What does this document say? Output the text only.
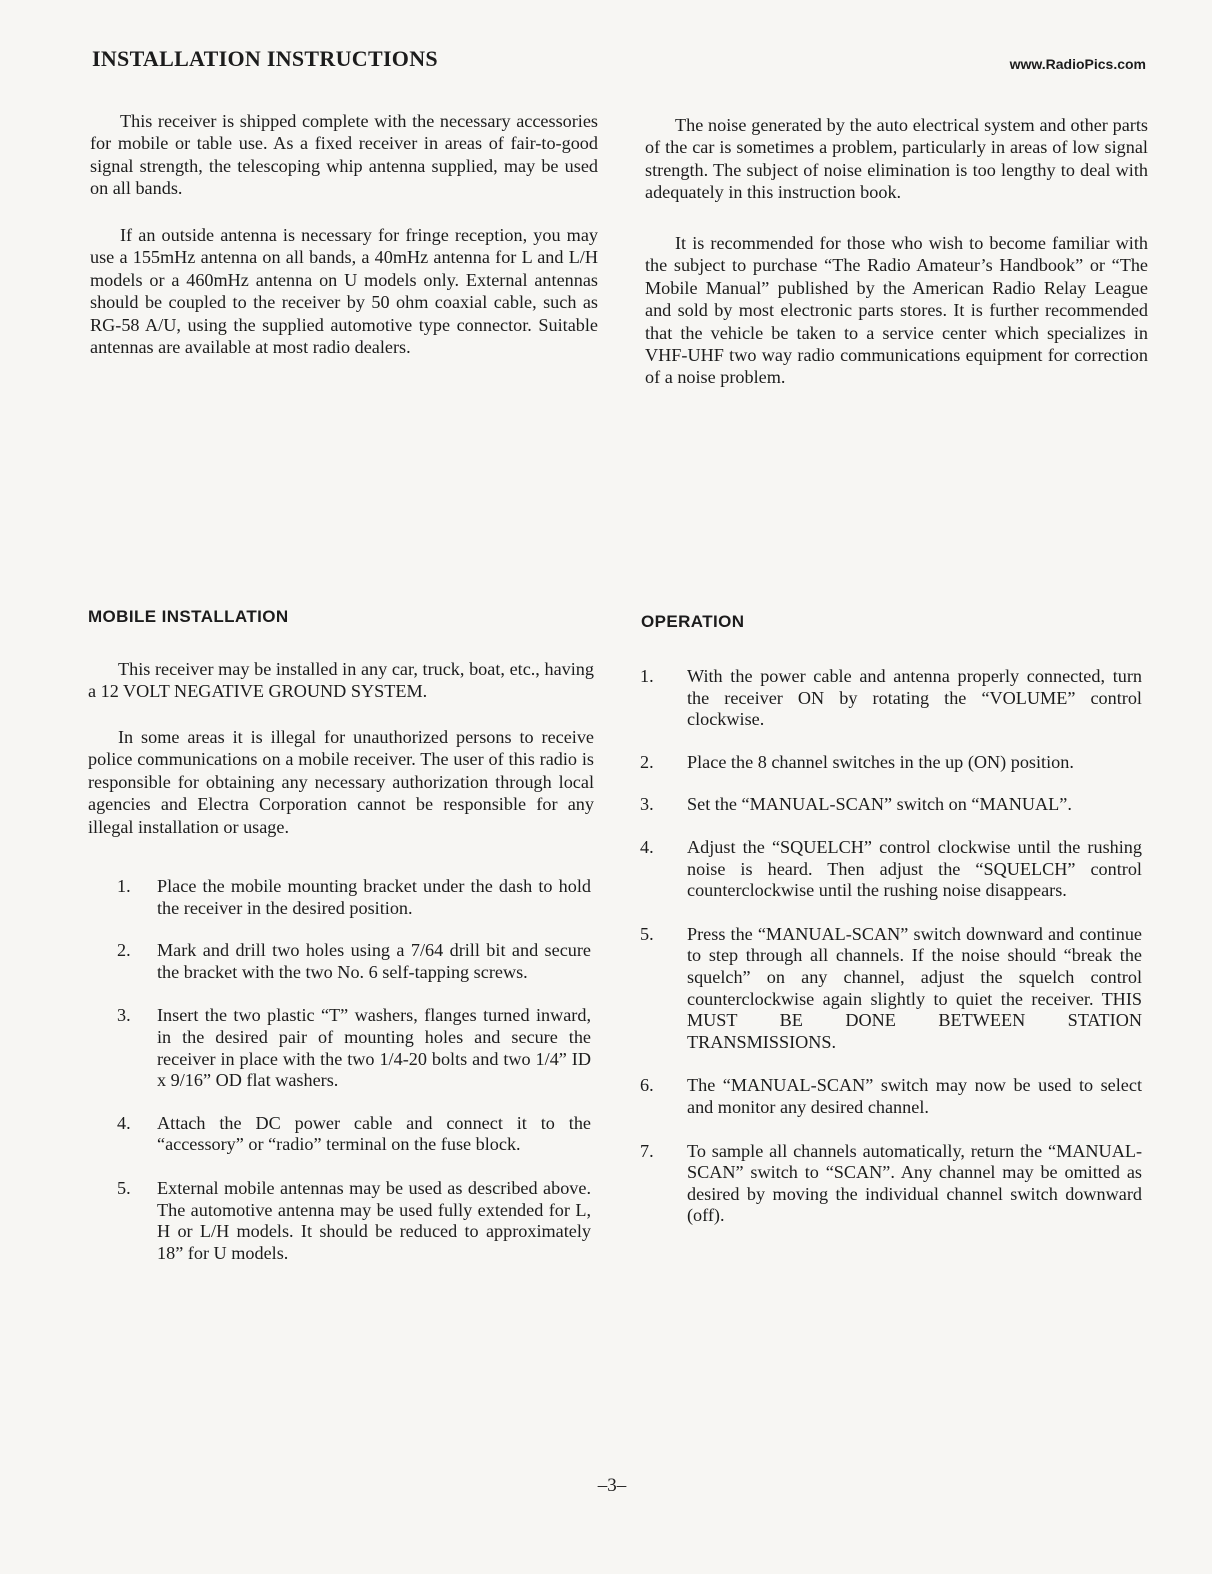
INSTALLATION INSTRUCTIONS	www.RadioPics.com

This receiver is shipped complete with the necessary accessories for mobile or table use. As a fixed receiver in areas of fair-to-good signal strength, the telescoping whip antenna supplied, may be used on all bands.

If an outside antenna is necessary for fringe reception, you may use a 155mHz antenna on all bands, a 40mHz antenna for L and L/H models or a 460mHz antenna on U models only. External antennas should be coupled to the receiver by 50 ohm coaxial cable, such as RG-58 A/U, using the supplied automotive type connector. Suitable antennas are available at most radio dealers.

The noise generated by the auto electrical system and other parts of the car is sometimes a problem, particularly in areas of low signal strength. The subject of noise elimination is too lengthy to deal with adequately in this instruction book.

It is recommended for those who wish to become familiar with the subject to purchase “The Radio Amateur’s Handbook” or “The Mobile Manual” published by the American Radio Relay League and sold by most electronic parts stores. It is further recommended that the vehicle be taken to a service center which specializes in VHF-UHF two way radio communications equipment for correction of a noise problem.

MOBILE INSTALLATION

This receiver may be installed in any car, truck, boat, etc., having a 12 VOLT NEGATIVE GROUND SYSTEM.

In some areas it is illegal for unauthorized persons to receive police communications on a mobile receiver. The user of this radio is responsible for obtaining any necessary authorization through local agencies and Electra Corporation cannot be responsible for any illegal installation or usage.

1. Place the mobile mounting bracket under the dash to hold the receiver in the desired position.
2. Mark and drill two holes using a 7/64 drill bit and secure the bracket with the two No. 6 self-tapping screws.
3. Insert the two plastic “T” washers, flanges turned inward, in the desired pair of mounting holes and secure the receiver in place with the two 1/4-20 bolts and two 1/4” ID x 9/16” OD flat washers.
4. Attach the DC power cable and connect it to the “accessory” or “radio” terminal on the fuse block.
5. External mobile antennas may be used as described above. The automotive antenna may be used fully extended for L, H or L/H models. It should be reduced to approximately 18” for U models.
OPERATION
1. With the power cable and antenna properly connected, turn the receiver ON by rotating the “VOLUME” control clockwise.
2. Place the 8 channel switches in the up (ON) position.
3. Set the “MANUAL-SCAN” switch on “MANUAL”.
4. Adjust the “SQUELCH” control clockwise until the rushing noise is heard. Then adjust the “SQUELCH” control counterclockwise until the rushing noise disappears.
5. Press the “MANUAL-SCAN” switch downward and continue to step through all channels. If the noise should “break the squelch” on any channel, adjust the squelch control counterclockwise again slightly to quiet the receiver. THIS MUST BE DONE BETWEEN STATION TRANSMISSIONS.
6. The “MANUAL-SCAN” switch may now be used to select and monitor any desired channel.
7. To sample all channels automatically, return the “MANUAL-SCAN” switch to “SCAN”. Any channel may be omitted as desired by moving the individual channel switch downward (off).
–3–
